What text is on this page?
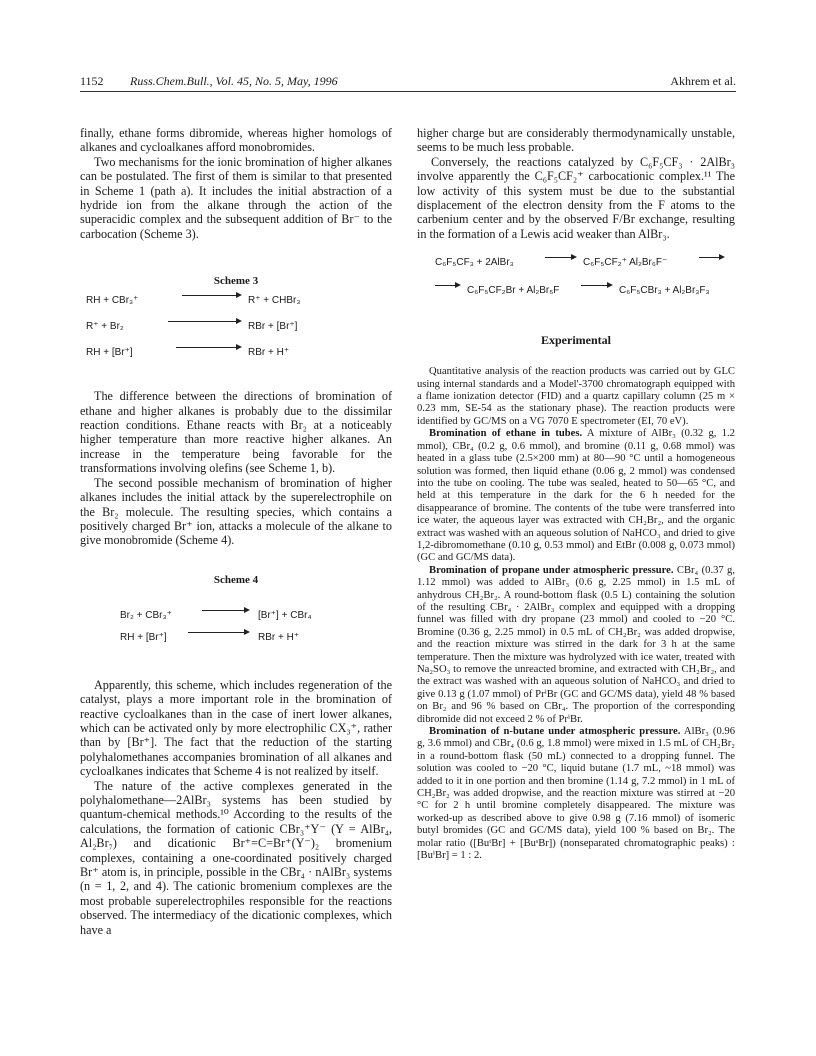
1152 Russ.Chem.Bull., Vol. 45, No. 5, May, 1996	Akhrem et al.

finally, ethane forms dibromide, whereas higher homologs of alkanes and cycloalkanes afford monobromides.

Two mechanisms for the ionic bromination of higher alkanes can be postulated. The first of them is similar to that presented in Scheme 1 (path a). It includes the initial abstraction of a hydride ion from the alkane through the action of the superacidic complex and the subsequent addition of Br⁻ to the carbocation (Scheme 3).

Scheme 3

RH + CBr₃⁺	R⁺ + CHBr₃
R⁺ + Br₂	RBr + [Br⁺]
RH + [Br⁺]	RBr + H⁺

The difference between the directions of bromination of ethane and higher alkanes is probably due to the dissimilar reaction conditions. Ethane reacts with Br₂ at a noticeably higher temperature than more reactive higher alkanes. An increase in the temperature being favorable for the transformations involving olefins (see Scheme 1, b).

The second possible mechanism of bromination of higher alkanes includes the initial attack by the superelectrophile on the Br₂ molecule. The resulting species, which contains a positively charged Br⁺ ion, attacks a molecule of the alkane to give monobromide (Scheme 4).

Scheme 4

Br₂ + CBr₃⁺	[Br⁺] + CBr₄
RH + [Br⁺]	RBr + H⁺

Apparently, this scheme, which includes regeneration of the catalyst, plays a more important role in the bromination of reactive cycloalkanes than in the case of inert lower alkanes, which can be activated only by more electrophilic CX₃⁺, rather than by [Br⁺]. The fact that the reduction of the starting polyhalomethanes accompanies bromination of all alkanes and cycloalkanes indicates that Scheme 4 is not realized by itself.

The nature of the active complexes generated in the polyhalomethane—2AlBr₃ systems has been studied by quantum-chemical methods.¹⁰ According to the results of the calculations, the formation of cationic CBr₃⁺Y⁻ (Y = AlBr₄, Al₂Br₇) and dicationic Br⁺=C=Br⁺(Y⁻)₂ bromenium complexes, containing a one-coordinated positively charged Br⁺ atom is, in principle, possible in the CBr₄ · nAlBr₃ systems (n = 1, 2, and 4). The cationic bromenium complexes are the most probable superelectrophiles responsible for the reactions observed. The intermediacy of the dicationic complexes, which have a

higher charge but are considerably thermodynamically unstable, seems to be much less probable.

Conversely, the reactions catalyzed by C₆F₅CF₃ · 2AlBr₃ involve apparently the C₆F₅CF₂⁺ carbocationic complex.¹¹ The low activity of this system must be due to the substantial displacement of the electron density from the F atoms to the carbenium center and by the observed F/Br exchange, resulting in the formation of a Lewis acid weaker than AlBr₃.

C₆F₅CF₃ + 2AlBr₃	→ C₆F₅CF₂⁺ Al₂Br₆F⁻
→ C₆F₅CF₂Br + Al₂Br₅F → C₆F₅CBr₃ + Al₂Br₃F₃

Experimental

Quantitative analysis of the reaction products was carried out by GLC using internal standards and a Model'-3700 chromatograph equipped with a flame ionization detector (FID) and a quartz capillary column (25 m × 0.23 mm, SE-54 as the stationary phase). The reaction products were identified by GC/MS on a VG 7070 E spectrometer (EI, 70 eV).

Bromination of ethane in tubes. A mixture of AlBr₃ (0.32 g, 1.2 mmol), CBr₄ (0.2 g, 0.6 mmol), and bromine (0.11 g, 0.68 mmol) was heated in a glass tube (2.5×200 mm) at 80—90 °C until a homogeneous solution was formed, then liquid ethane (0.06 g, 2 mmol) was condensed into the tube on cooling. The tube was sealed, heated to 50—65 °C, and held at this temperature in the dark for the 6 h needed for the disappearance of bromine. The contents of the tube were transferred into ice water, the aqueous layer was extracted with CH₂Br₂, and the organic extract was washed with an aqueous solution of NaHCO₃ and dried to give 1,2-dibromomethane (0.10 g, 0.53 mmol) and EtBr (0.008 g, 0.073 mmol) (GC and GC/MS data).

Bromination of propane under atmospheric pressure. CBr₄ (0.37 g, 1.12 mmol) was added to AlBr₃ (0.6 g, 2.25 mmol) in 1.5 mL of anhydrous CH₂Br₂. A round-bottom flask (0.5 L) containing the solution of the resulting CBr₄ · 2AlBr₃ complex and equipped with a dropping funnel was filled with dry propane (23 mmol) and cooled to −20 °C. Bromine (0.36 g, 2.25 mmol) in 0.5 mL of CH₂Br₂ was added dropwise, and the reaction mixture was stirred in the dark for 3 h at the same temperature. Then the mixture was hydrolyzed with ice water, treated with Na₂SO₃ to remove the unreacted bromine, and extracted with CH₂Br₂, and the extract was washed with an aqueous solution of NaHCO₃ and dried to give 0.13 g (1.07 mmol) of PrⁱBr (GC and GC/MS data), yield 48 % based on Br₂ and 96 % based on CBr₄. The proportion of the corresponding dibromide did not exceed 2 % of PrⁱBr.

Bromination of n-butane under atmospheric pressure. AlBr₃ (0.96 g, 3.6 mmol) and CBr₄ (0.6 g, 1.8 mmol) were mixed in 1.5 mL of CH₂Br₂ in a round-bottom flask (50 mL) connected to a dropping funnel. The solution was cooled to −20 °C, liquid butane (1.7 mL, ~18 mmol) was added to it in one portion and then bromine (1.14 g, 7.2 mmol) in 1 mL of CH₂Br₂ was added dropwise, and the reaction mixture was stirred at −20 °C for 2 h until bromine completely disappeared. The mixture was worked-up as described above to give 0.98 g (7.16 mmol) of isomeric butyl bromides (GC and GC/MS data), yield 100 % based on Br₂. The molar ratio ([BuᵗBr] + [BuˢBr]) (nonseparated chromatographic peaks) : [BuⁱBr] = 1 : 2.
